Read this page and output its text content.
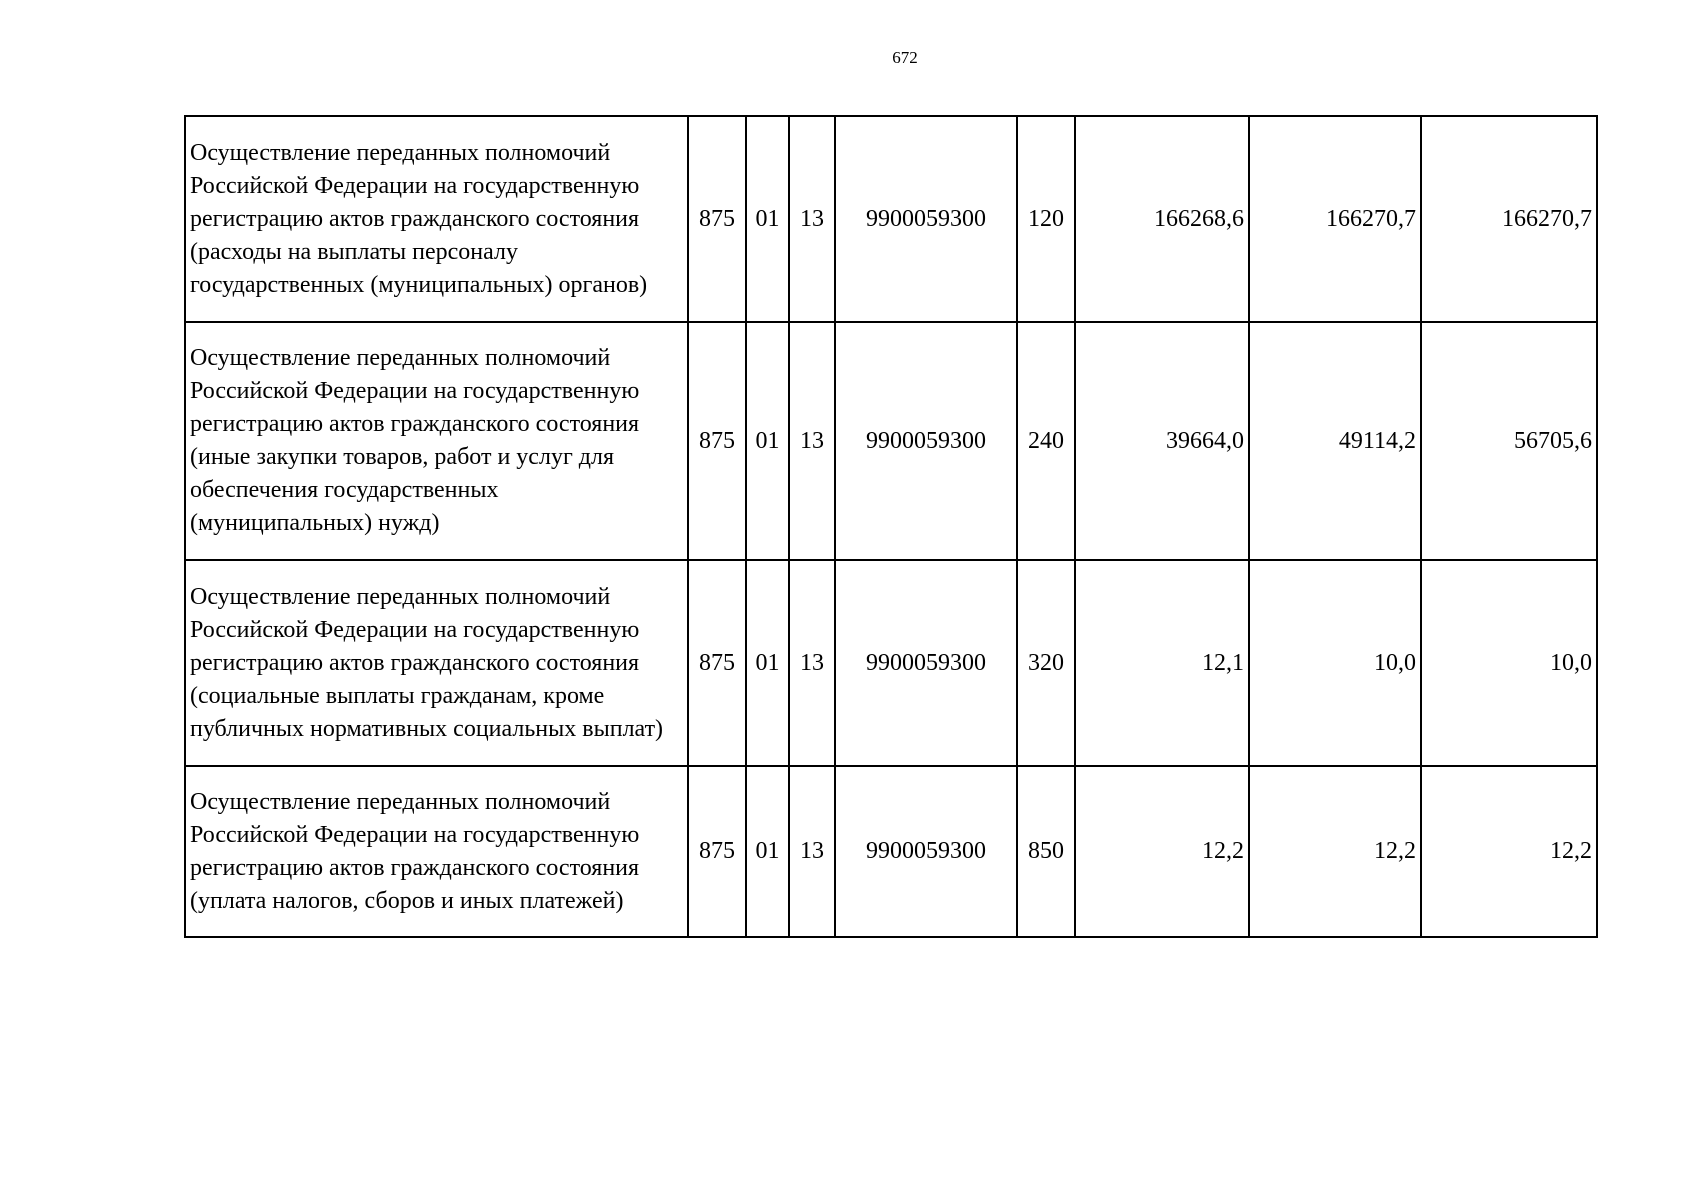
672
Осуществление переданных полномочий Российской Федерации на государственную регистрацию актов гражданского состояния (расходы на выплаты персоналу государственных (муниципальных) органов)	875	01	13	9900059300	120	166268,6	166270,7	166270,7
Осуществление переданных полномочий Российской Федерации на государственную регистрацию актов гражданского состояния (иные закупки товаров, работ и услуг для обеспечения государственных (муниципальных) нужд)	875	01	13	9900059300	240	39664,0	49114,2	56705,6
Осуществление переданных полномочий Российской Федерации на государственную регистрацию актов гражданского состояния (социальные выплаты гражданам, кроме публичных нормативных социальных выплат)	875	01	13	9900059300	320	12,1	10,0	10,0
Осуществление переданных полномочий Российской Федерации на государственную регистрацию актов гражданского состояния (уплата налогов, сборов и иных платежей)	875	01	13	9900059300	850	12,2	12,2	12,2
